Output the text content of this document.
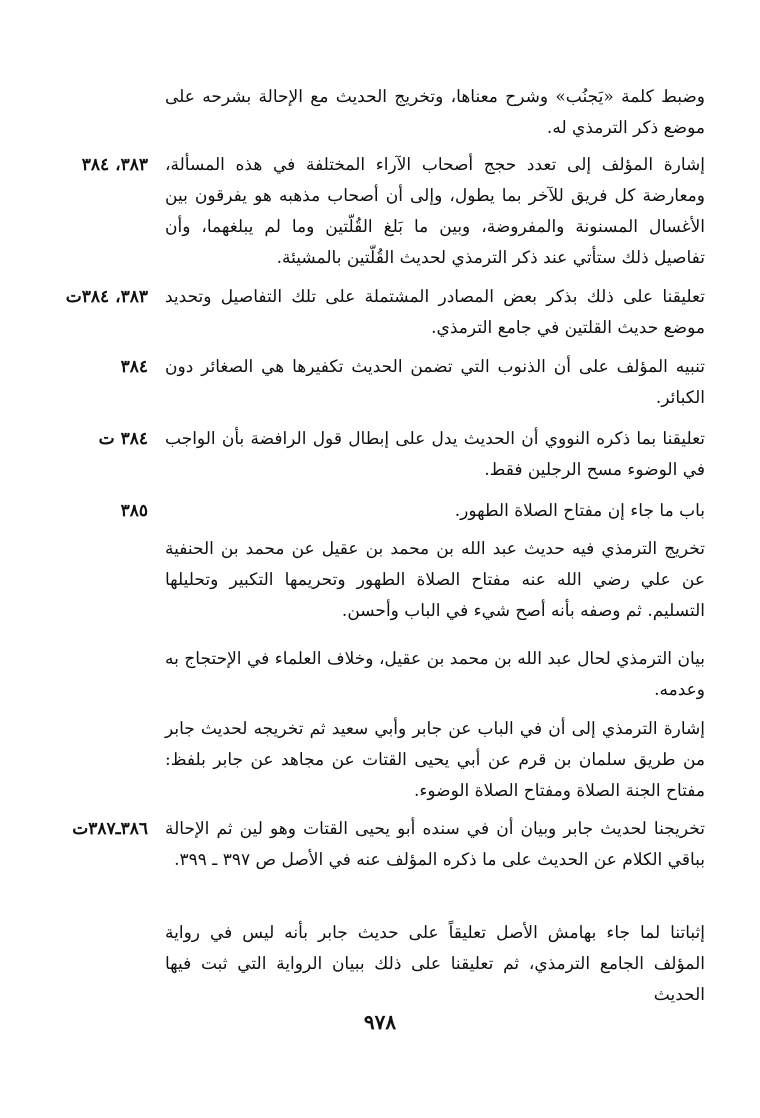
وضبط كلمة «يَجنُب» وشرح معناها، وتخريج الحديث مع الإحالة بشرحه على موضع ذكر الترمذي له.
٣٨٣، ٣٨٤ إشارة المؤلف إلى تعدد حجج أصحاب الآراء المختلفة في هذه المسألة، ومعارضة كل فريق للآخر بما يطول، وإلى أن أصحاب مذهبه هو يفرقون بين الأغسال المسنونة والمفروضة، وبين ما بَلغ القُلّتين وما لم يبلغهما، وأن تفاصيل ذلك ستأتي عند ذكر الترمذي لحديث القُلّتين بالمشيئة.
٣٨٣، ٣٨٤ت تعليقنا على ذلك بذكر بعض المصادر المشتملة على تلك التفاصيل وتحديد موضع حديث القلتين في جامع الترمذي.
٣٨٤ تنبيه المؤلف على أن الذنوب التي تضمن الحديث تكفيرها هي الصغائر دون الكبائر.
٣٨٤ ت تعليقنا بما ذكره النووي أن الحديث يدل على إبطال قول الرافضة بأن الواجب في الوضوء مسح الرجلين فقط.
٣٨٥	باب ما جاء إن مفتاح الصلاة الطهور.
تخريج الترمذي فيه حديث عبد الله بن محمد بن عقيل عن محمد بن الحنفية عن علي رضي الله عنه مفتاح الصلاة الطهور وتحريمها التكبير وتحليلها التسليم. ثم وصفه بأنه أصح شيء في الباب وأحسن.
بيان الترمذي لحال عبد الله بن محمد بن عقيل، وخلاف العلماء في الإحتجاج به وعدمه.
إشارة الترمذي إلى أن في الباب عن جابر وأبي سعيد ثم تخريجه لحديث جابر من طريق سلمان بن قرم عن أبي يحيى القتات عن مجاهد عن جابر بلفظ: مفتاح الجنة الصلاة ومفتاح الصلاة الوضوء.
٣٨٦ـ٣٨٧ت تخريجنا لحديث جابر وبيان أن في سنده أبو يحيى القتات وهو لين ثم الإحالة بباقي الكلام عن الحديث على ما ذكره المؤلف عنه في الأصل ص ٣٩٧ ـ ٣٩٩.
إثباتنا لما جاء بهامش الأصل تعليقاً على حديث جابر بأنه ليس في رواية المؤلف الجامع الترمذي، ثم تعليقنا على ذلك ببيان الرواية التي ثبت فيها الحديث
٩٧٨
